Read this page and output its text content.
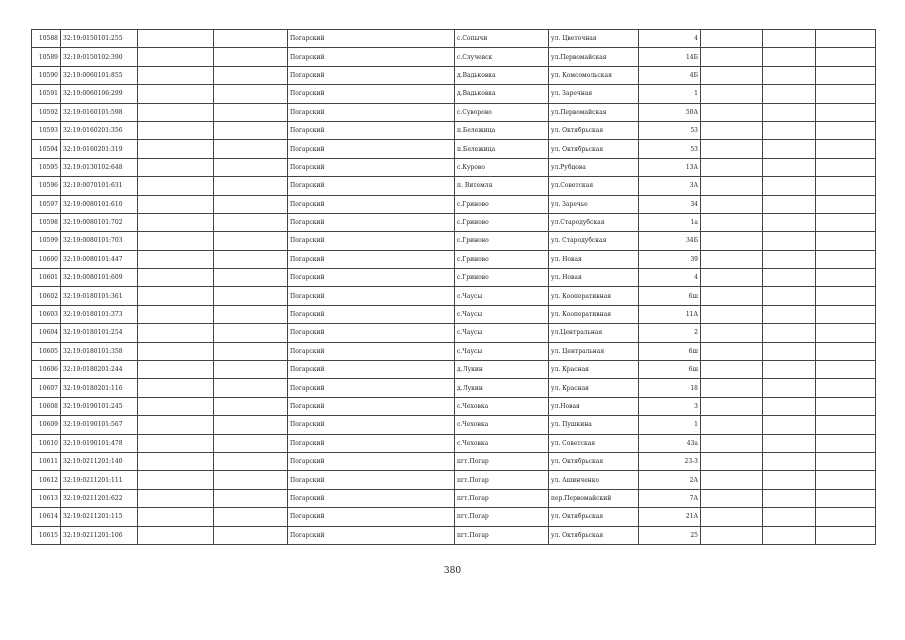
10588	32:19:0150101:255			Погарский	с.Сопычи	ул. Цветочная	4			
10589	32:19:0150102:390			Погарский	с.Случевск	ул.Первомайская	14Б			
10590	32:19:0060101:855			Погарский	д.Вадьковка	ул. Комсомольская	4Б			
10591	32:19:0060106:299			Погарский	д.Вадьковка	ул. Заречная	1			
10592	32:19:0160101:598			Погарский	с.Суворово	ул.Первомайская	50А			
10593	32:19:0160201:356			Погарский	п.Бележица	ул. Октябрьская	53			
10594	32:19:0160201:319			Погарский	п.Бележица	ул. Октябрьская	53			
10595	32:19:0130102:648			Погарский	с.Курово	ул.Рубцова	13А			
10596	32:19:0070101:631			Погарский	п. Витемля	ул.Советская	3А			
10597	32:19:0080101:610			Погарский	с.Гриново	ул. Заречье	34			
10598	32:19:0080101:702			Погарский	с.Гриново	ул.Стародубская	1а			
10599	32:19:0080101:703			Погарский	с.Гриново	ул. Стародубская	34Б			
10600	32:19:0080101:447			Погарский	с.Гриново	ул. Новая	39			
10601	32:19:0080101:609			Погарский	с.Гриново	ул. Новая	4			
10602	32:19:0180101:361			Погарский	с.Чаусы	ул. Кооперативная	6ш			
10603	32:19:0180101:373			Погарский	с.Чаусы	ул. Кооперативная	11А			
10604	32:19:0180101:254			Погарский	с.Чаусы	ул.Центральная	2			
10605	32:19:0180101:358			Погарский	с.Чаусы	ул. Центральная	6ш			
10606	32:19:0180201:244			Погарский	д.Лукин	ул. Красная	6ш			
10607	32:19:0180201:116			Погарский	д.Лукин	ул. Красная	18			
10608	32:19:0190101:245			Погарский	с.Чеховка	ул.Новая	3			
10609	32:19:0190101:567			Погарский	с.Чеховка	ул. Пушкина	1			
10610	32:19:0190101:478			Погарский	с.Чеховка	ул. Советская	43а			
10611	32:19:0211201:140			Погарский	пгт.Погар	ул. Октябрьская	23-3			
10612	32:19:0211201:111			Погарский	пгт.Погар	ул. Ашинченко	2А			
10613	32:19:0211201:622			Погарский	пгт.Погар	пер.Первомайский	7А			
10614	32:19:0211201:115			Погарский	пгт.Погар	ул. Октябрьская	21А			
10615	32:19:0211201:106			Погарский	пгт.Погар	ул. Октябрьская	25			
380
